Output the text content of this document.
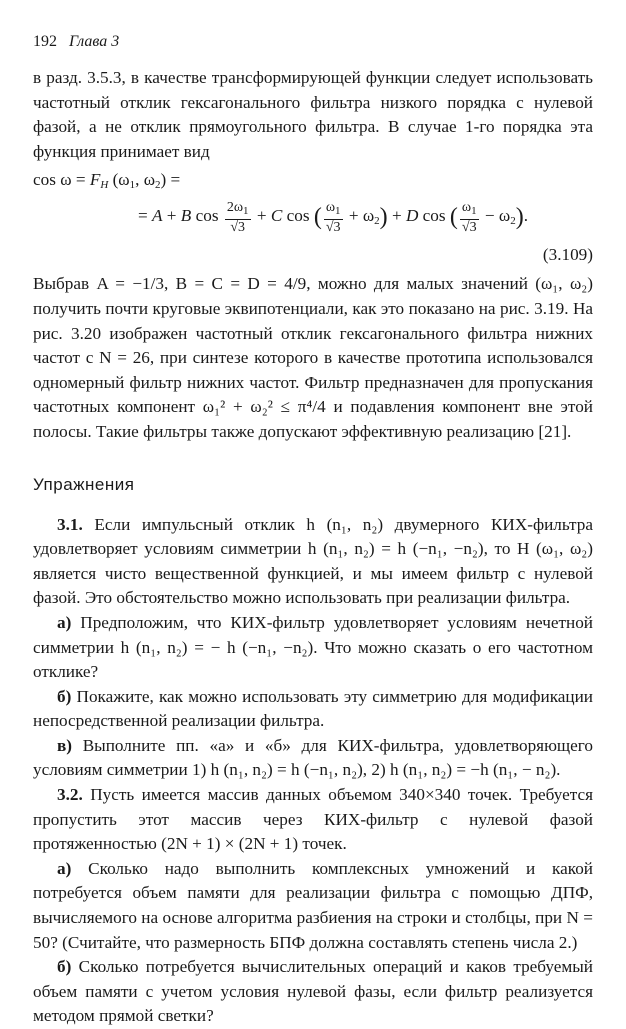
192 Глава 3

в разд. 3.5.3, в качестве трансформирующей функции следует использовать частотный отклик гексагонального фильтра низкого порядка с нулевой фазой, а не отклик прямоугольного фильтра. В случае 1-го порядка эта функция принимает вид

$\cos \omega = F_H$ ($\omega_1$, $\omega_2$) =
= A + B $\cos \frac{2\omega_1}{√3} + C$ cos ( $\frac{\omega_1}{√3} + \omega_2) + D$ cos ( $\frac{\omega_1}{√3} - \omega_2$).
(3.109)

Выбрав A = −1/3, B = C = D = 4/9, можно для малых значений (ω₁, ω₂) получить почти круговые эквипотенциали, как это показано на рис. 3.19. На рис. 3.20 изображен частотный отклик гексагонального фильтра нижних частот с N = 26, при синтезе которого в качестве прототипа использовался одномерный фильтр нижних частот. Фильтр предназначен для пропускания частотных компонент ω₁² + ω₂² ≤ π⁴/4 и подавления компонент вне этой полосы. Такие фильтры также допускают эффективную реализацию [21].

Упражнения

3.1. Если импульсный отклик h (n₁, n₂) двумерного КИХ-фильтра удовлетворяет условиям симметрии h (n₁, n₂) = h (−n₁, −n₂), то H (ω₁, ω₂) является чисто вещественной функцией, и мы имеем фильтр с нулевой фазой. Это обстоятельство можно использовать при реализации фильтра.

а) Предположим, что КИХ-фильтр удовлетворяет условиям нечетной симметрии h (n₁, n₂) = − h (−n₁, −n₂). Что можно сказать о его частотном отклике?

б) Покажите, как можно использовать эту симметрию для модификации непосредственной реализации фильтра.

в) Выполните пп. «а» и «б» для КИХ-фильтра, удовлетворяющего условиям симметрии 1) h (n₁, n₂) = h (−n₁, n₂), 2) h (n₁, n₂) = −h (n₁, − n₂).

3.2. Пусть имеется массив данных объемом 340×340 точек. Требуется пропустить этот массив через КИХ-фильтр с нулевой фазой протяженностью (2N + 1) × (2N + 1) точек.

а) Сколько надо выполнить комплексных умножений и какой потребуется объем памяти для реализации фильтра с помощью ДПФ, вычисляемого на основе алгоритма разбиения на строки и столбцы, при N = 50? (Считайте, что размерность БПФ должна составлять степень числа 2.)

б) Сколько потребуется вычислительных операций и каков требуемый объем памяти с учетом условия нулевой фазы, если фильтр реализуется методом прямой светки?
